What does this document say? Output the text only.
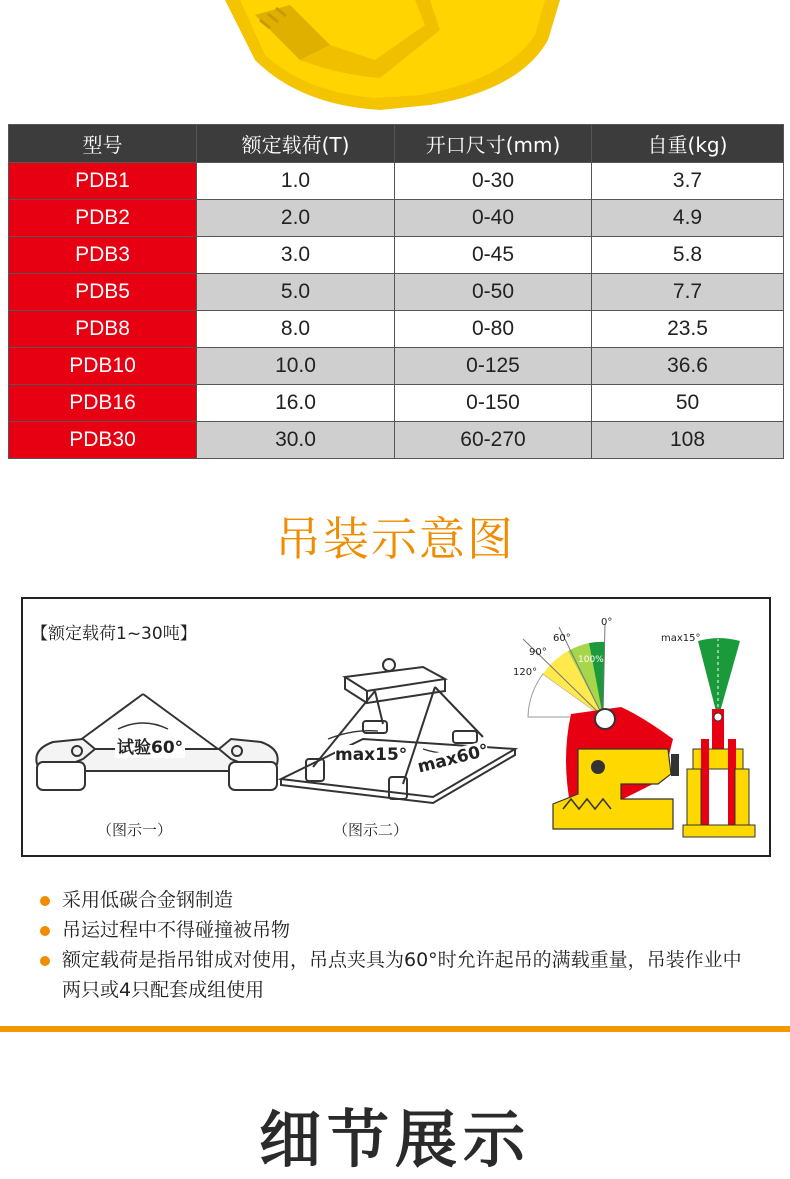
型号	额定载荷(T)	开口尺寸(mm)	自重(kg)
PDB1	1.0	0-30	3.7
PDB2	2.0	0-40	4.9
PDB3	3.0	0-45	5.8
PDB5	5.0	0-50	7.7
PDB8	8.0	0-80	23.5
PDB10	10.0	0-125	36.6
PDB16	16.0	0-150	50
PDB30	30.0	60-270	108
吊装示意图
【额定载荷1~30吨】
试验60°
（图示一）
max15° max60°
（图示二）
0°
60°
90°
120°
100%
max15°
采用低碳合金钢制造
吊运过程中不得碰撞被吊物
额定载荷是指吊钳成对使用，吊点夹具为60°时允许起吊的满载重量，吊装作业中两只或4只配套成组使用
细节展示
